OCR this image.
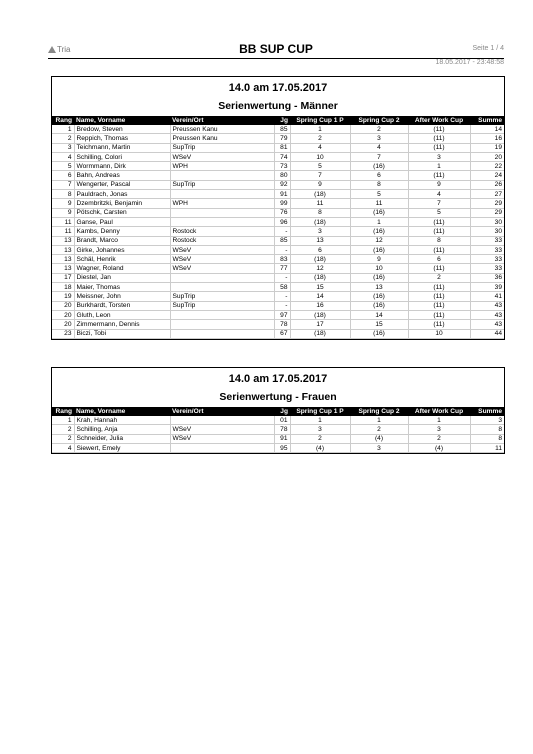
Tria	BB SUP CUP	Seite 1 / 4
18.05.2017 - 23:48:58
14.0 am 17.05.2017
Serienwertung - Männer
Rang	Name, Vorname	Verein/Ort	Jg	Spring Cup 1 P	Spring Cup 2	After Work Cup	Summe
1	Bredow, Steven	Preussen Kanu	85	1	2	(11)	14
2	Reppich, Thomas	Preussen Kanu	79	2	3	(11)	16
3	Teichmann, Martin	SupTrip	81	4	4	(11)	19
4	Schilling, Colori	WSeV	74	10	7	3	20
5	Wormmann, Dirk	WPH	73	5	(16)	1	22
6	Bahn, Andreas		80	7	6	(11)	24
7	Wengerter, Pascal	SupTrip	92	9	8	9	26
8	Pauldrach, Jonas		91	(18)	5	4	27
9	Dzembritzki, Benjamin	WPH	99	11	11	7	29
9	Pötschk, Carsten		76	8	(16)	5	29
11	Ganse, Paul		96	(18)	1	(11)	30
11	Kambs, Denny	Rostock	-	3	(16)	(11)	30
13	Brandt, Marco	Rostock	85	13	12	8	33
13	Girke, Johannes	WSeV	-	6	(16)	(11)	33
13	Schäl, Henrik	WSeV	83	(18)	9	6	33
13	Wagner, Roland	WSeV	77	12	10	(11)	33
17	Diestel, Jan		-	(18)	(16)	2	36
18	Maier, Thomas		58	15	13	(11)	39
19	Meissner, John	SupTrip	-	14	(16)	(11)	41
20	Burkhardt, Torsten	SupTrip	-	16	(16)	(11)	43
20	Gluth, Leon		97	(18)	14	(11)	43
20	Zimmermann, Dennis		78	17	15	(11)	43
23	Biczi, Tobi		67	(18)	(16)	10	44
14.0 am 17.05.2017
Serienwertung - Frauen
Rang	Name, Vorname	Verein/Ort	Jg	Spring Cup 1 P	Spring Cup 2	After Work Cup	Summe
1	Krah, Hannah		01	1	1	1	3
2	Schilling, Anja	WSeV	78	3	2	3	8
2	Schneider, Julia	WSeV	91	2	(4)	2	8
4	Siewert, Emely		95	(4)	3	(4)	11
